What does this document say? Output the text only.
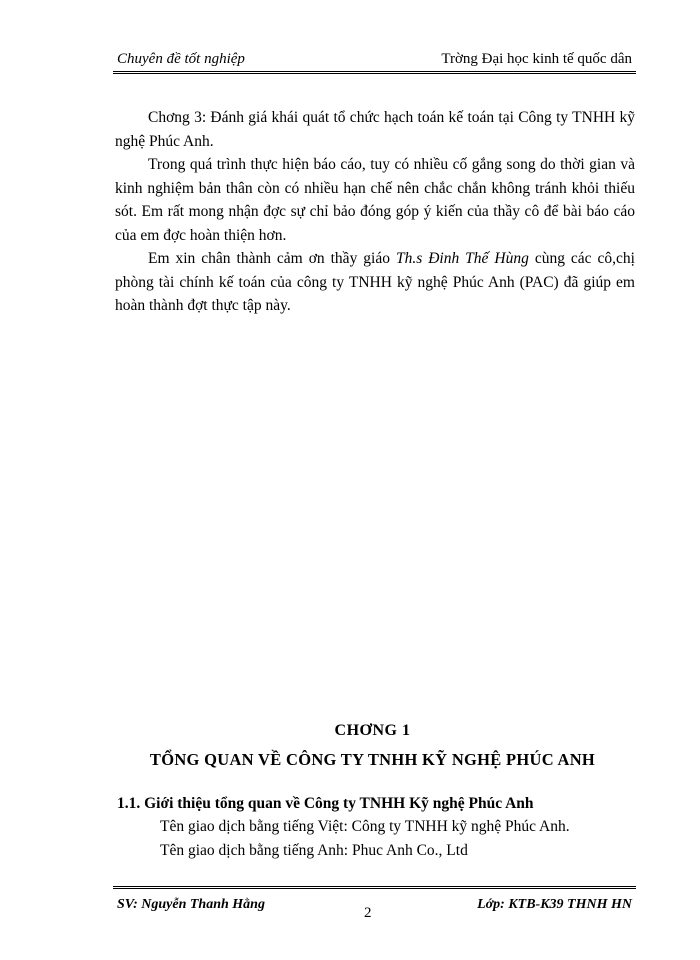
Chuyên đề tốt nghiệp	Trờng Đại học kinh tế quốc dân

Chơng 3: Đánh giá khái quát tổ chức hạch toán kế toán tại Công ty TNHH kỹ nghệ Phúc Anh.

Trong quá trình thực hiện báo cáo, tuy có nhiều cố gắng song do thời gian và kinh nghiệm bản thân còn có nhiều hạn chế nên chắc chắn không tránh khỏi thiếu sót. Em rất mong nhận đợc sự chỉ bảo đóng góp ý kiến của thầy cô để bài báo cáo của em đợc hoàn thiện hơn.

Em xin chân thành cảm ơn thầy giáo Th.s Đinh Thế Hùng cùng các cô,chị phòng tài chính kế toán của công ty TNHH kỹ nghệ Phúc Anh (PAC) đã giúp em hoàn thành đợt thực tập này.

CHƠNG 1
TỔNG QUAN VỀ CÔNG TY TNHH KỸ NGHỆ PHÚC ANH
1.1. Giới thiệu tổng quan về Công ty TNHH Kỹ nghệ Phúc Anh
Tên giao dịch bằng tiếng Việt: Công ty TNHH kỹ nghệ Phúc Anh.
Tên giao dịch bằng tiếng Anh: Phuc Anh Co., Ltd
SV: Nguyễn Thanh Hằng
2
Lớp: KTB-K39 THNH HN
